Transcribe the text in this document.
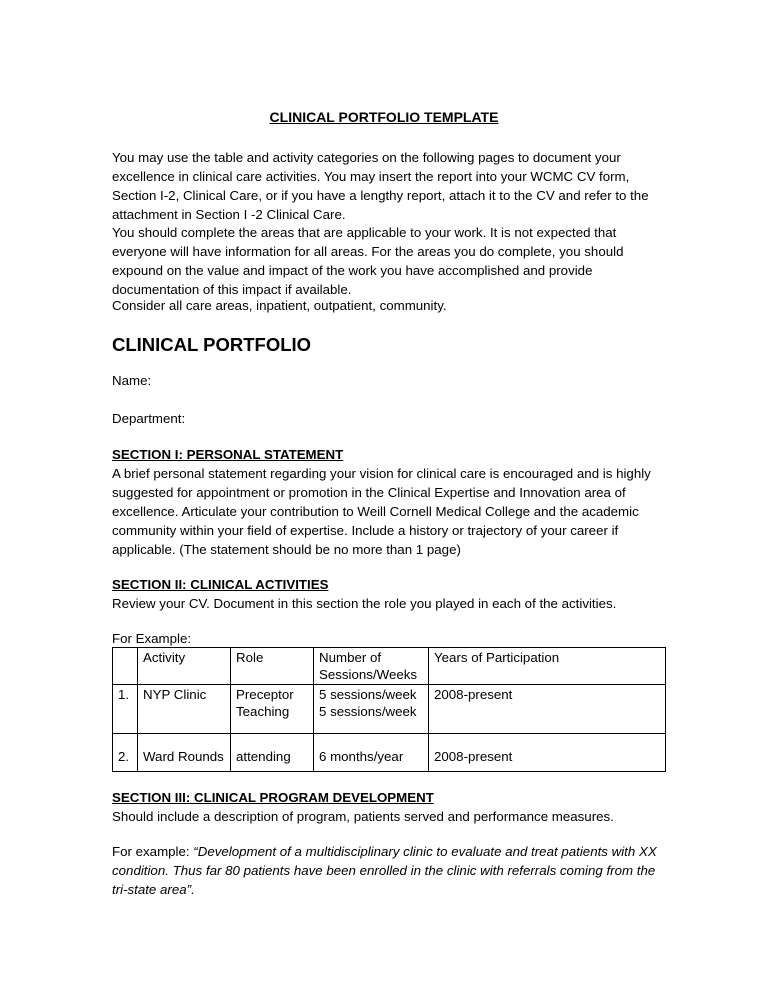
CLINICAL PORTFOLIO TEMPLATE

You may use the table and activity categories on the following pages to document your excellence in clinical care activities. You may insert the report into your WCMC CV form, Section I-2, Clinical Care, or if you have a lengthy report, attach it to the CV and refer to the attachment in Section I -2 Clinical Care.

You should complete the areas that are applicable to your work. It is not expected that everyone will have information for all areas. For the areas you do complete, you should expound on the value and impact of the work you have accomplished and provide documentation of this impact if available.

Consider all care areas, inpatient, outpatient, community.

CLINICAL PORTFOLIO

Name:

Department:

SECTION I: PERSONAL STATEMENT
A brief personal statement regarding your vision for clinical care is encouraged and is highly suggested for appointment or promotion in the Clinical Expertise and Innovation area of excellence. Articulate your contribution to Weill Cornell Medical College and the academic community within your field of expertise. Include a history or trajectory of your career if applicable. (The statement should be no more than 1 page)
SECTION II: CLINICAL ACTIVITIES
Review your CV. Document in this section the role you played in each of the activities.

For Example:

	Activity	Role	Number of Sessions/Weeks	Years of Participation
1.	NYP Clinic	Preceptor Teaching	5 sessions/week 5 sessions/week	2008-present
2.	Ward Rounds	attending	6 months/year	2008-present
SECTION III: CLINICAL PROGRAM DEVELOPMENT
Should include a description of program, patients served and performance measures.

For example: “Development of a multidisciplinary clinic to evaluate and treat patients with XX condition. Thus far 80 patients have been enrolled in the clinic with referrals coming from the tri-state area”.
